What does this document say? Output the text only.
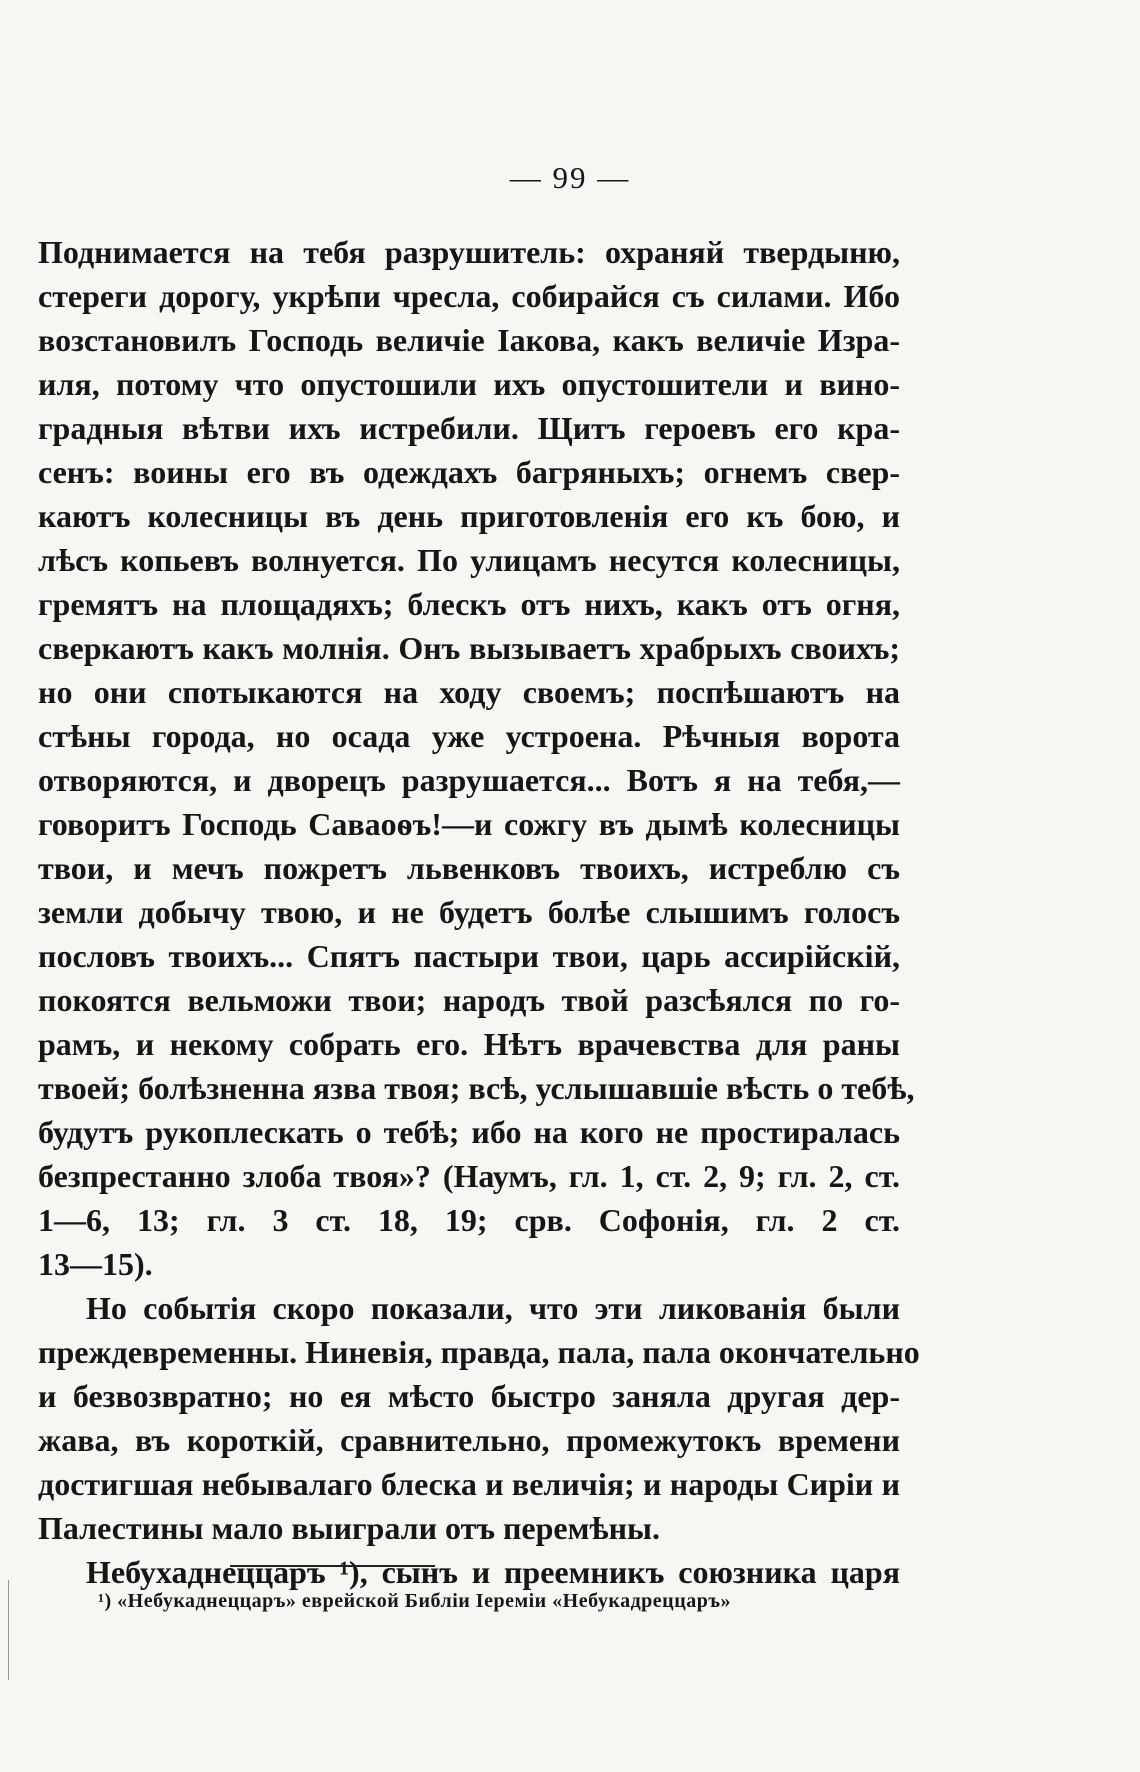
— 99 —
Поднимается на тебя разрушитель: охраняй твердыню,
стереги дорогу, укрѣпи чресла, собирайся съ силами. Ибо
возстановилъ Господь величіе Іакова, какъ величіе Изра-
иля, потому что опустошили ихъ опустошители и вино-
градныя вѣтви ихъ истребили. Щитъ героевъ его кра-
сенъ: воины его въ одеждахъ багряныхъ; огнемъ свер-
каютъ колесницы въ день приготовленія его къ бою, и
лѣсъ копьевъ волнуется. По улицамъ несутся колесницы,
гремятъ на площадяхъ; блескъ отъ нихъ, какъ отъ огня,
сверкаютъ какъ молнія. Онъ вызываетъ храбрыхъ своихъ;
но они спотыкаются на ходу своемъ; поспѣшаютъ на
стѣны города, но осада уже устроена. Рѣчныя ворота
отворяются, и дворецъ разрушается... Вотъ я на тебя,—
говоритъ Господь Саваоѳъ!—и сожгу въ дымѣ колесницы
твои, и мечъ пожретъ львенковъ твоихъ, истреблю съ
земли добычу твою, и не будетъ болѣе слышимъ голосъ
пословъ твоихъ... Спятъ пастыри твои, царь ассирійскій,
покоятся вельможи твои; народъ твой разсѣялся по го-
рамъ, и некому собрать его. Нѣтъ врачевства для раны
твоей; болѣзненна язва твоя; всѣ, услышавшіе вѣсть о тебѣ,
будутъ рукоплескать о тебѣ; ибо на кого не простиралась
безпрестанно злоба твоя»? (Наумъ, гл. 1, ст. 2, 9; гл. 2, ст.
1—6, 13; гл. 3 ст. 18, 19; срв. Софонія, гл. 2 ст.
13—15).
Но событія скоро показали, что эти ликованія были
преждевременны. Ниневія, правда, пала, пала окончательно
и безвозвратно; но ея мѣсто быстро заняла другая дер-
жава, въ короткій, сравнительно, промежутокъ времени
достигшая небывалаго блеска и величія; и народы Сиріи и
Палестины мало выиграли отъ перемѣны.
Небухаднеццаръ ¹), сынъ и преемникъ союзника царя
¹) «Небукаднеццаръ» еврейской Библіи Іереміи «Небукадреццаръ»
